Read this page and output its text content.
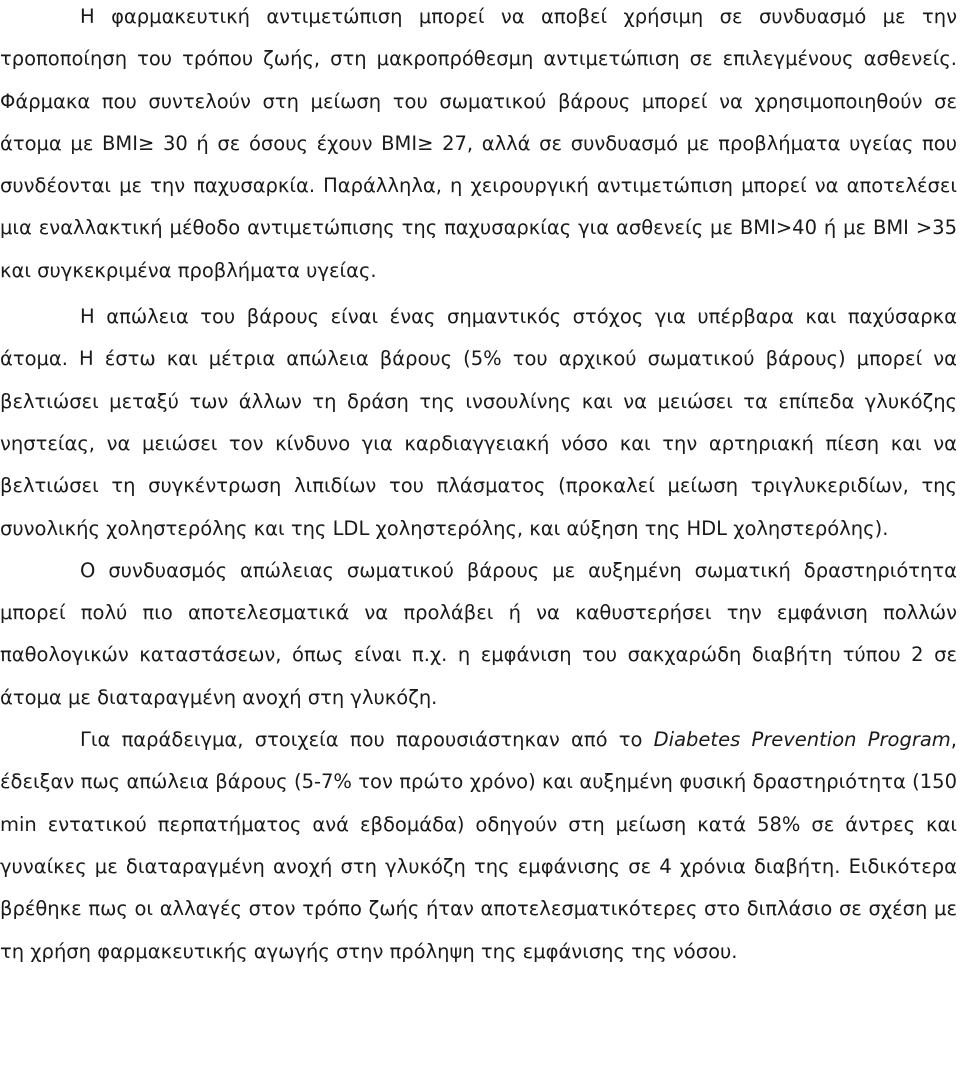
Η φαρμακευτική αντιμετώπιση μπορεί να αποβεί χρήσιμη σε συνδυασμό με την τροποποίηση του τρόπου ζωής, στη μακροπρόθεσμη αντιμετώπιση σε επιλεγμένους ασθενείς. Φάρμακα που συντελούν στη μείωση του σωματικού βάρους μπορεί να χρησιμοποιηθούν σε άτομα με BMI≥ 30 ή σε όσους έχουν BMI≥ 27, αλλά σε συνδυασμό με προβλήματα υγείας που συνδέονται με την παχυσαρκία. Παράλληλα, η χειρουργική αντιμετώπιση μπορεί να αποτελέσει μια εναλλακτική μέθοδο αντιμετώπισης της παχυσαρκίας για ασθενείς με BMI>40 ή με BMI >35 και συγκεκριμένα προβλήματα υγείας.

Η απώλεια του βάρους είναι ένας σημαντικός στόχος για υπέρβαρα και παχύσαρκα άτομα. Η έστω και μέτρια απώλεια βάρους (5% του αρχικού σωματικού βάρους) μπορεί να βελτιώσει μεταξύ των άλλων τη δράση της ινσουλίνης και να μειώσει τα επίπεδα γλυκόζης νηστείας, να μειώσει τον κίνδυνο για καρδιαγγειακή νόσο και την αρτηριακή πίεση και να βελτιώσει τη συγκέντρωση λιπιδίων του πλάσματος (προκαλεί μείωση τριγλυκεριδίων, της συνολικής χοληστερόλης και της LDL χοληστερόλης, και αύξηση της HDL χοληστερόλης).

Ο συνδυασμός απώλειας σωματικού βάρους με αυξημένη σωματική δραστηριότητα μπορεί πολύ πιο αποτελεσματικά να προλάβει ή να καθυστερήσει την εμφάνιση πολλών παθολογικών καταστάσεων, όπως είναι π.χ. η εμφάνιση του σακχαρώδη διαβήτη τύπου 2 σε άτομα με διαταραγμένη ανοχή στη γλυκόζη.

Για παράδειγμα, στοιχεία που παρουσιάστηκαν από το Diabetes Prevention Program, έδειξαν πως απώλεια βάρους (5-7% τον πρώτο χρόνο) και αυξημένη φυσική δραστηριότητα (150 min εντατικού περπατήματος ανά εβδομάδα) οδηγούν στη μείωση κατά 58% σε άντρες και γυναίκες με διαταραγμένη ανοχή στη γλυκόζη της εμφάνισης σε 4 χρόνια διαβήτη. Ειδικότερα βρέθηκε πως οι αλλαγές στον τρόπο ζωής ήταν αποτελεσματικότερες στο διπλάσιο σε σχέση με τη χρήση φαρμακευτικής αγωγής στην πρόληψη της εμφάνισης της νόσου.
